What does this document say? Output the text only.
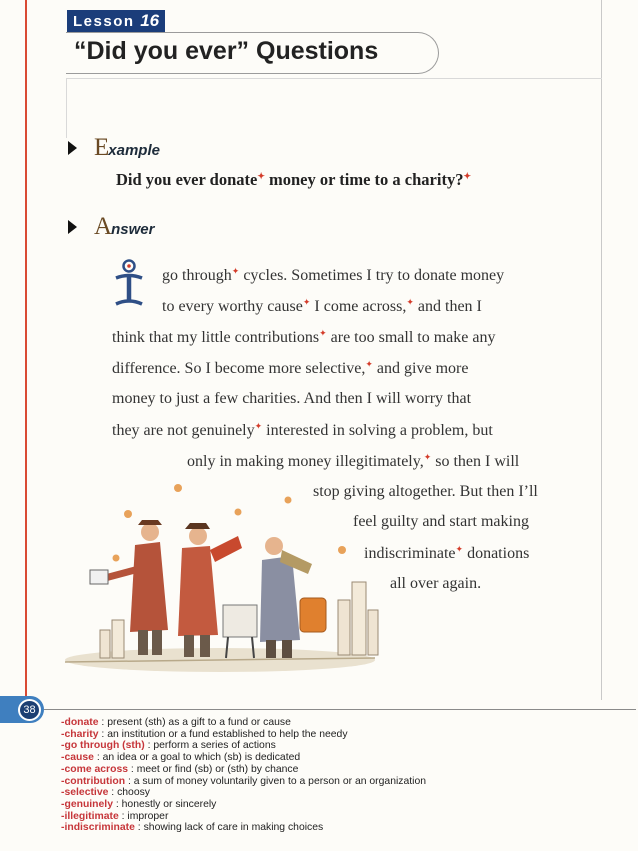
Lesson 16
“Did you ever” Questions
Example
Did you ever donate✦ money or time to a charity?✦
Answer
go through✦ cycles. Sometimes I try to donate money
to every worthy cause✦ I come across,✦ and then I
think that my little contributions✦ are too small to make any
difference. So I become more selective,✦ and give more
money to just a few charities. And then I will worry that
they are not genuinely✦ interested in solving a problem, but
only in making money illegitimately,✦ so then I will
stop giving altogether. But then I’ll
feel guilty and start making
indiscriminate✦ donations
all over again.
38
-donate : present (sth) as a gift to a fund or cause
-charity : an institution or a fund established to help the needy
-go through (sth) : perform a series of actions
-cause : an idea or a goal to which (sb) is dedicated
-come across : meet or find (sb) or (sth) by chance
-contribution : a sum of money voluntarily given to a person or an organization
-selective : choosy
-genuinely : honestly or sincerely
-illegitimate : improper
-indiscriminate : showing lack of care in making choices
